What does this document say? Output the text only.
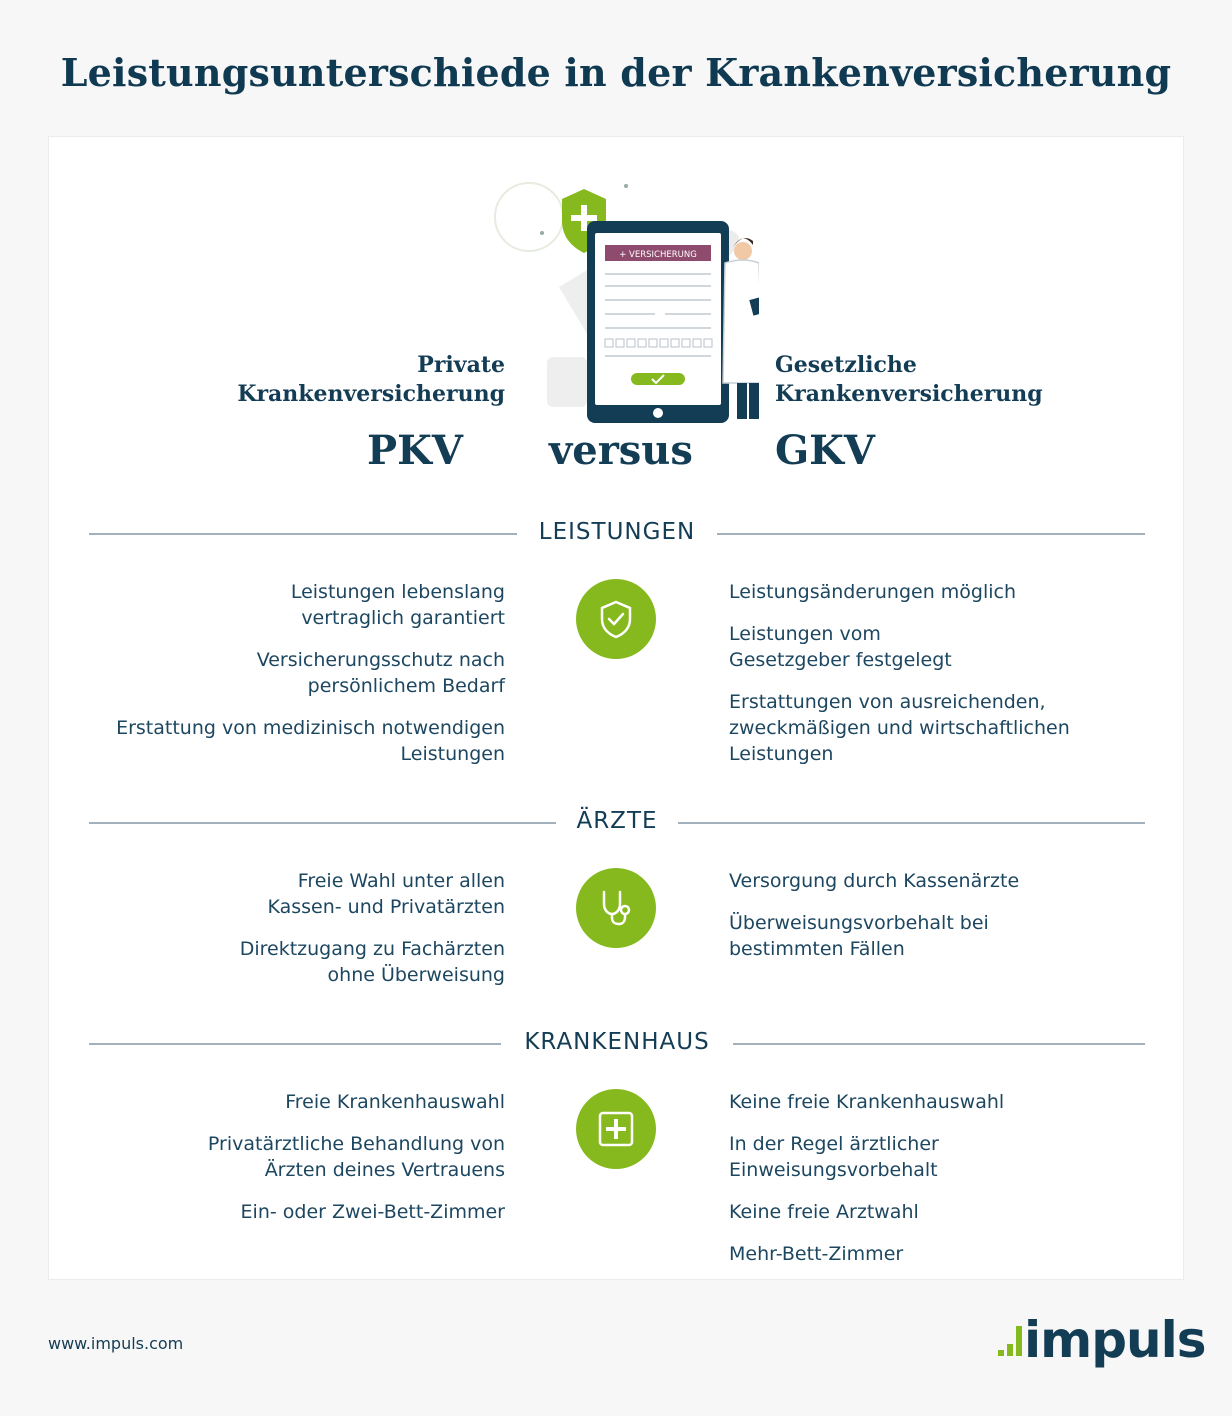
Leistungsunterschiede in der Krankenversicherung
Private
Krankenversicherung
Gesetzliche
Krankenversicherung
PKV versus GKV
+ VERSICHERUNG
LEISTUNGEN
Leistungen lebenslang
vertraglich garantiert
Versicherungsschutz nach
persönlichem Bedarf
Erstattung von medizinisch notwendigen
Leistungen
Leistungsänderungen möglich
Leistungen vom
Gesetzgeber festgelegt
Erstattungen von ausreichenden,
zweckmäßigen und wirtschaftlichen
Leistungen
ÄRZTE
Freie Wahl unter allen
Kassen- und Privatärzten
Direktzugang zu Fachärzten
ohne Überweisung
Versorgung durch Kassenärzte
Überweisungsvorbehalt bei
bestimmten Fällen
KRANKENHAUS
Freie Krankenhauswahl
Privatärztliche Behandlung von
Ärzten deines Vertrauens
Ein- oder Zwei-Bett-Zimmer
Keine freie Krankenhauswahl
In der Regel ärztlicher Einweisungsvorbehalt
Keine freie Arztwahl
Mehr-Bett-Zimmer
www.impuls.com	impuls
